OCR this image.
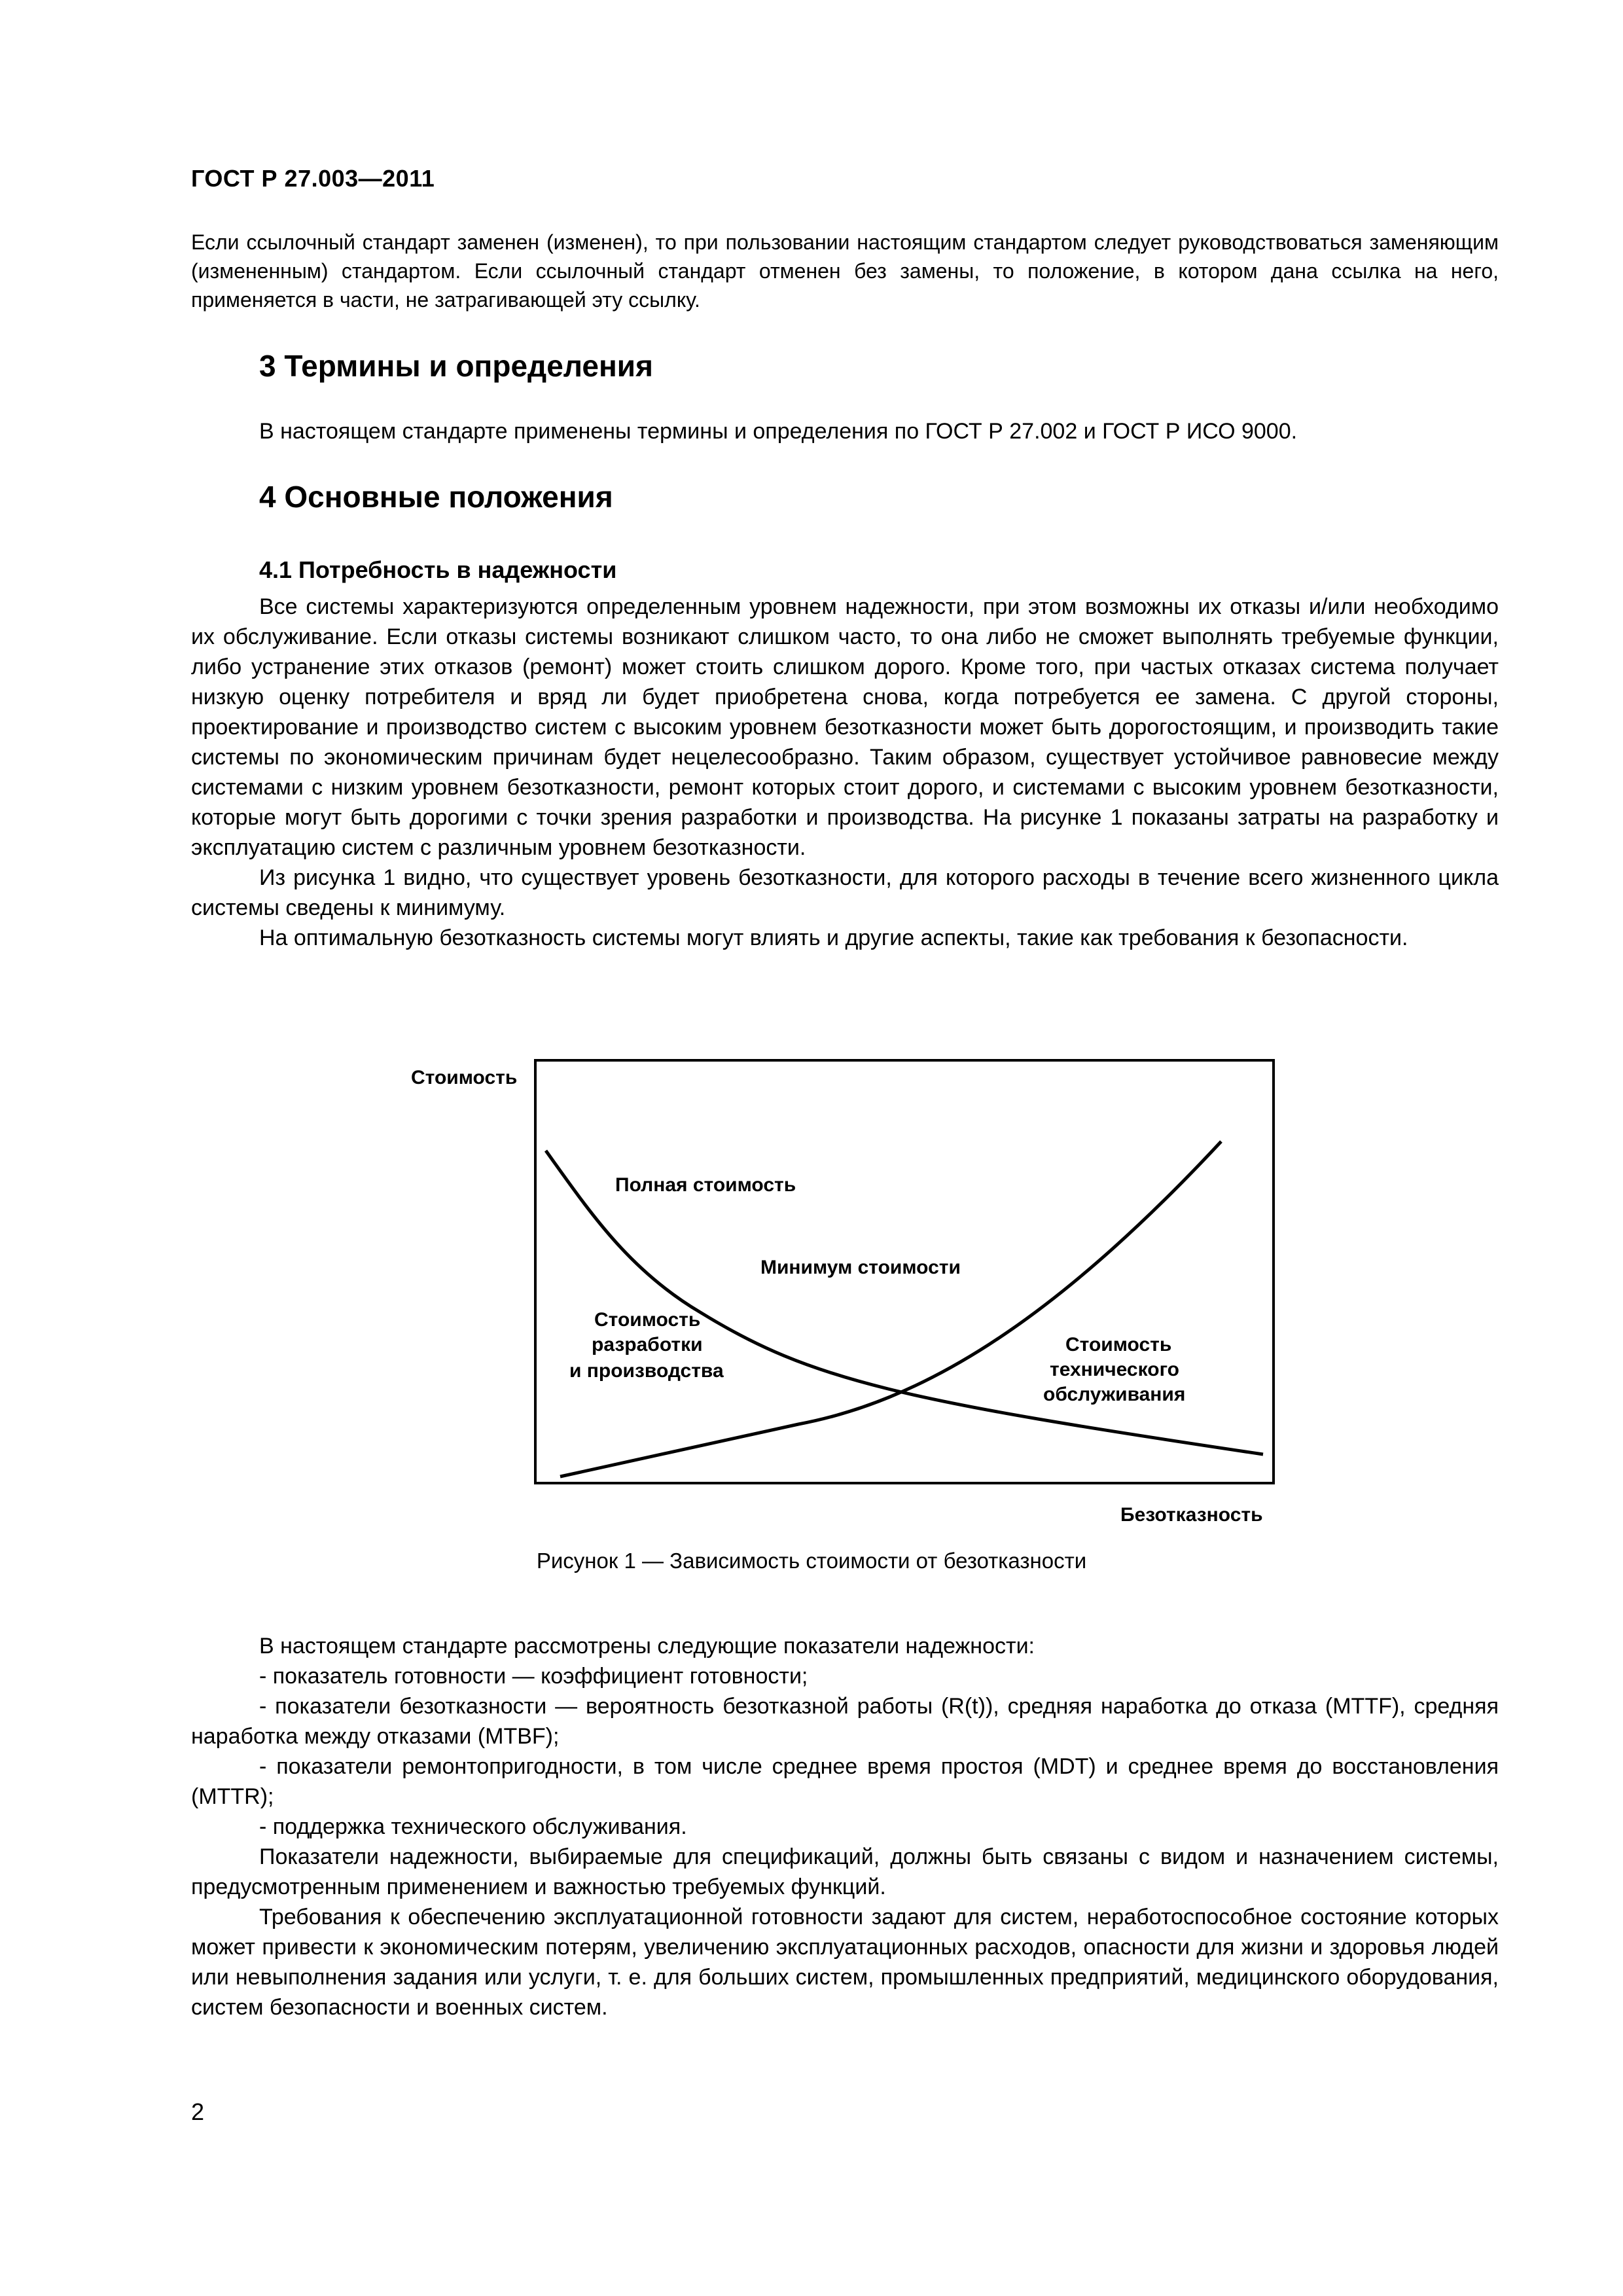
ГОСТ Р 27.003—2011

Если ссылочный стандарт заменен (изменен), то при пользовании настоящим стандартом следует руководствоваться заменяющим (измененным) стандартом. Если ссылочный стандарт отменен без замены, то положение, в котором дана ссылка на него, применяется в части, не затрагивающей эту ссылку.

3 Термины и определения

В настоящем стандарте применены термины и определения по ГОСТ Р 27.002 и ГОСТ Р ИСО 9000.

4 Основные положения
4.1 Потребность в надежности

Все системы характеризуются определенным уровнем надежности, при этом возможны их отказы и/или необходимо их обслуживание. Если отказы системы возникают слишком часто, то она либо не сможет выполнять требуемые функции, либо устранение этих отказов (ремонт) может стоить слишком дорого. Кроме того, при частых отказах система получает низкую оценку потребителя и вряд ли будет приобретена снова, когда потребуется ее замена. С другой стороны, проектирование и производство систем с высоким уровнем безотказности может быть дорогостоящим, и производить такие системы по экономическим причинам будет нецелесообразно. Таким образом, существует устойчивое равновесие между системами с низким уровнем безотказности, ремонт которых стоит дорого, и системами с высоким уровнем безотказности, которые могут быть дорогими с точки зрения разработки и производства. На рисунке 1 показаны затраты на разработку и эксплуатацию систем с различным уровнем безотказности.

Из рисунка 1 видно, что существует уровень безотказности, для которого расходы в течение всего жизненного цикла системы сведены к минимуму.

На оптимальную безотказность системы могут влиять и другие аспекты, такие как требования к безопасности.

Стоимость
Безотказность
Полная стоимость
Минимум стоимости
Стоимость
разработки
и производства
Стоимость
технического
обслуживания
Рисунок 1 — Зависимость стоимости от безотказности

В настоящем стандарте рассмотрены следующие показатели надежности:

- показатель готовности — коэффициент готовности;

- показатели безотказности — вероятность безотказной работы (R(t)), средняя наработка до отказа (MTTF), средняя наработка между отказами (MTBF);

- показатели ремонтопригодности, в том числе среднее время простоя (MDT) и среднее время до восстановления (MTTR);

- поддержка технического обслуживания.

Показатели надежности, выбираемые для спецификаций, должны быть связаны с видом и назначением системы, предусмотренным применением и важностью требуемых функций.

Требования к обеспечению эксплуатационной готовности задают для систем, неработоспособное состояние которых может привести к экономическим потерям, увеличению эксплуатационных расходов, опасности для жизни и здоровья людей или невыполнения задания или услуги, т. е. для больших систем, промышленных предприятий, медицинского оборудования, систем безопасности и военных систем.

2
